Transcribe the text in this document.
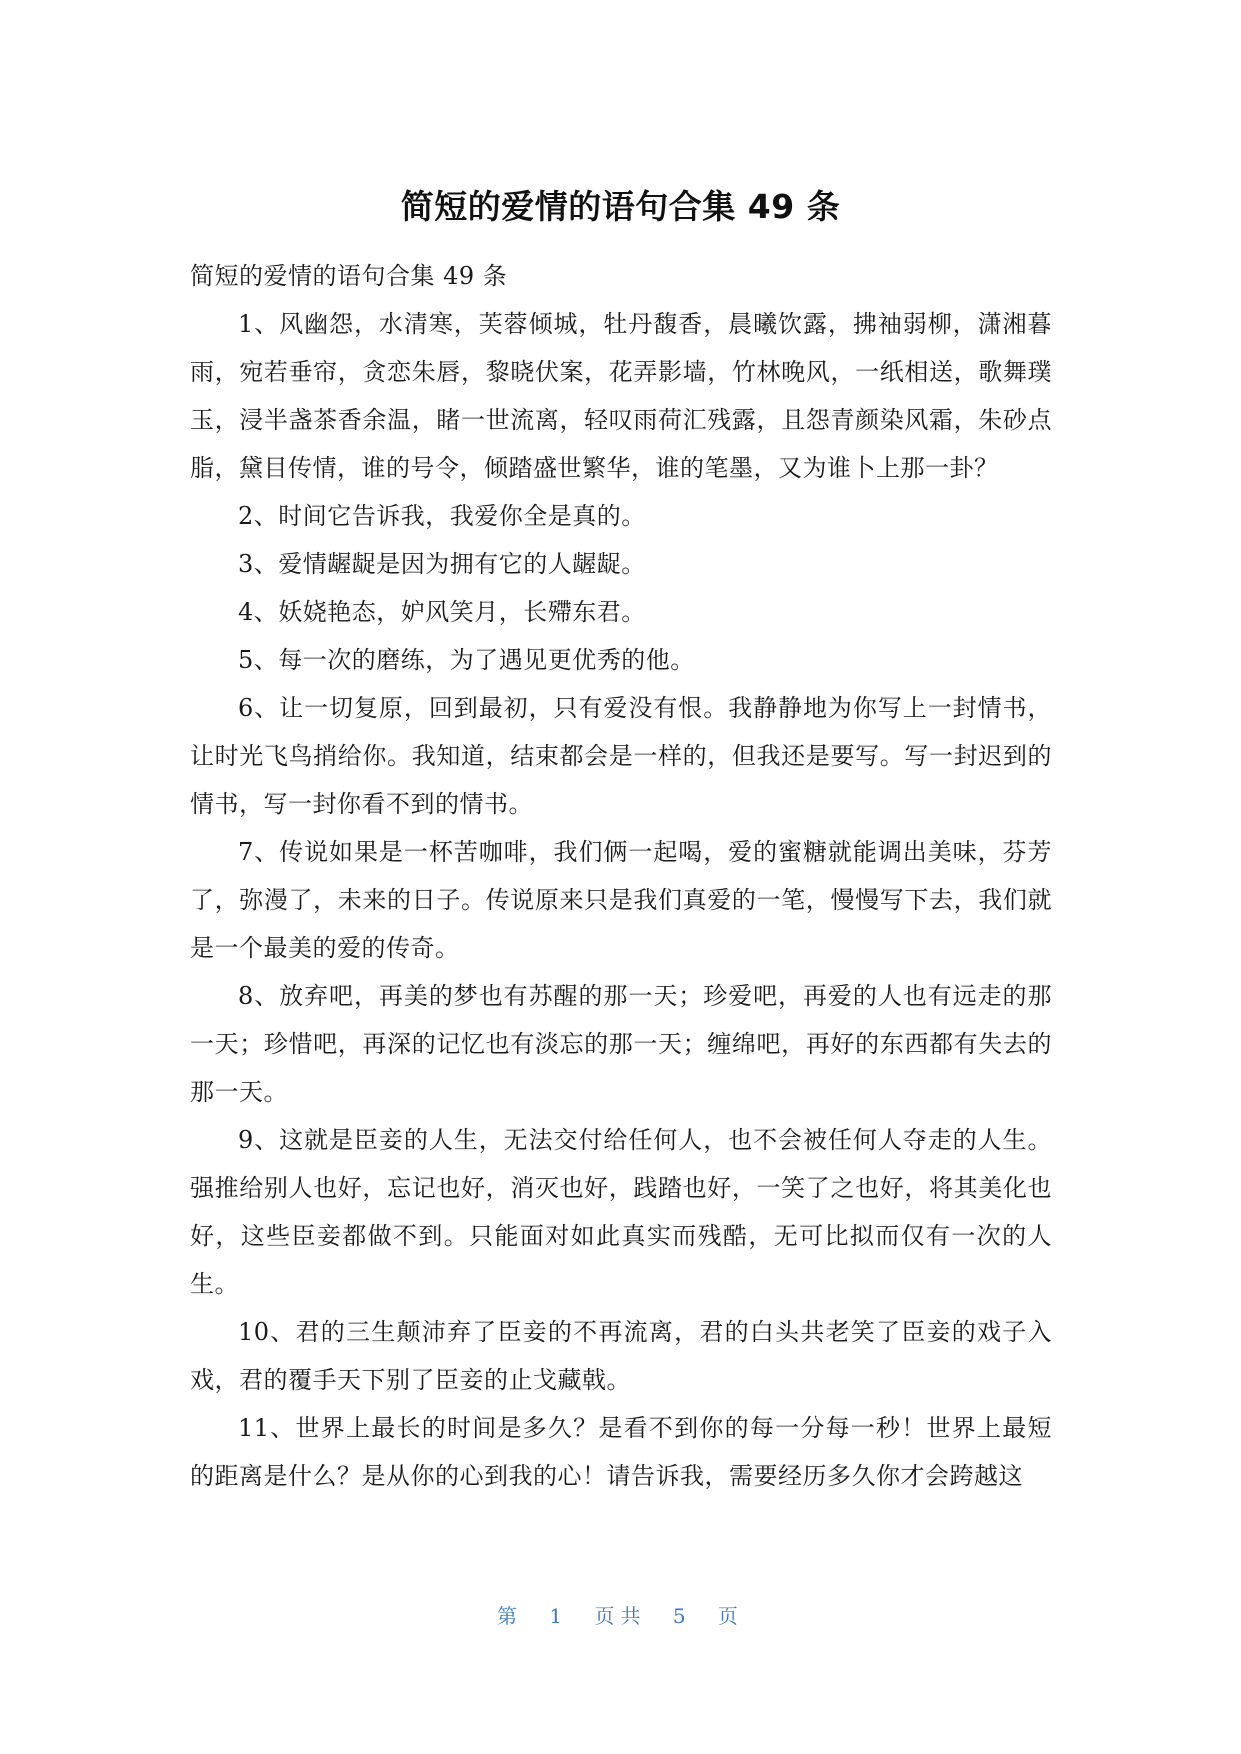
简短的爱情的语句合集 49 条

简短的爱情的语句合集 49 条

1、风幽怨，水清寒，芙蓉倾城，牡丹馥香，晨曦饮露，拂袖弱柳，潇湘暮雨，宛若垂帘，贪恋朱唇，黎晓伏案，花弄影墙，竹林晚风，一纸相送，歌舞璞玉，浸半盏茶香余温，睹一世流离，轻叹雨荷汇残露，且怨青颜染风霜，朱砂点脂，黛目传情，谁的号令，倾踏盛世繁华，谁的笔墨，又为谁卜上那一卦？

2、时间它告诉我，我爱你全是真的。

3、爱情龌龊是因为拥有它的人龌龊。

4、妖娆艳态，妒风笑月，长殢东君。

5、每一次的磨练，为了遇见更优秀的他。

6、让一切复原，回到最初，只有爱没有恨。我静静地为你写上一封情书，让时光飞鸟捎给你。我知道，结束都会是一样的，但我还是要写。写一封迟到的情书，写一封你看不到的情书。

7、传说如果是一杯苦咖啡，我们俩一起喝，爱的蜜糖就能调出美味，芬芳了，弥漫了，未来的日子。传说原来只是我们真爱的一笔，慢慢写下去，我们就是一个最美的爱的传奇。

8、放弃吧，再美的梦也有苏醒的那一天；珍爱吧，再爱的人也有远走的那一天；珍惜吧，再深的记忆也有淡忘的那一天；缠绵吧，再好的东西都有失去的那一天。

9、这就是臣妾的人生，无法交付给任何人，也不会被任何人夺走的人生。强推给别人也好，忘记也好，消灭也好，践踏也好，一笑了之也好，将其美化也好，这些臣妾都做不到。只能面对如此真实而残酷，无可比拟而仅有一次的人生。

10、君的三生颠沛弃了臣妾的不再流离，君的白头共老笑了臣妾的戏子入戏，君的覆手天下别了臣妾的止戈藏戟。

11、世界上最长的时间是多久？是看不到你的每一分每一秒！世界上最短的距离是什么？是从你的心到我的心！请告诉我，需要经历多久你才会跨越这

第 1 页共 5 页
